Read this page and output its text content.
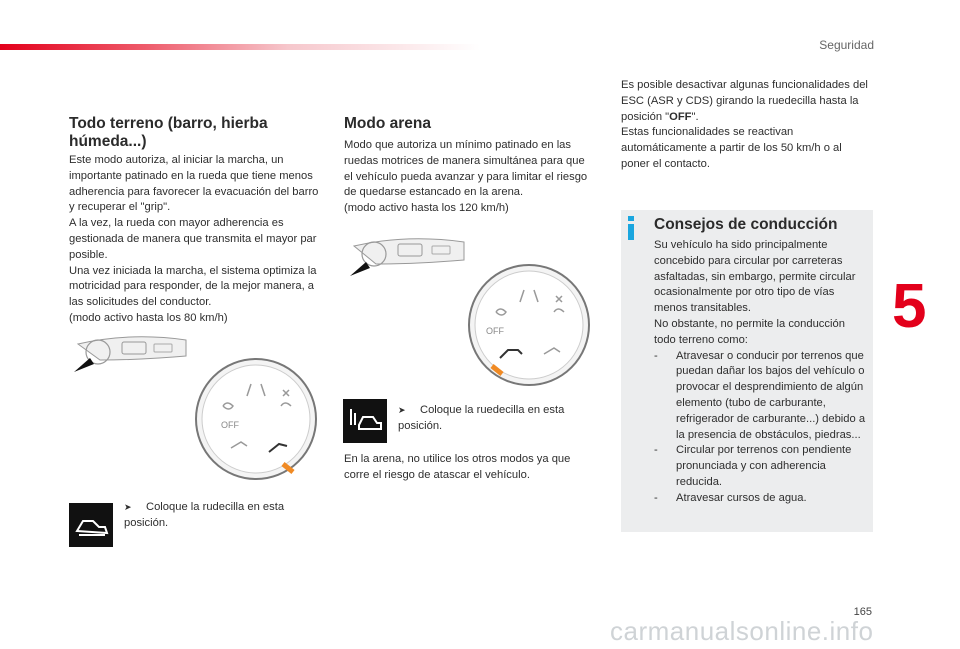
Seguridad
5
165
carmanualsonline.info
Todo terreno (barro, hierba húmeda...)

Este modo autoriza, al iniciar la marcha, un importante patinado en la rueda que tiene menos adherencia para favorecer la evacuación del barro y recuperar el "grip".

A la vez, la rueda con mayor adherencia es gestionada de manera que transmita el mayor par posible.

Una vez iniciada la marcha, el sistema optimiza la motricidad para responder, de la mejor manera, a las solicitudes del conductor.

(modo activo hasta los 80 km/h)

OFF
➤ Coloque la rudecilla en esta posición.
Modo arena

Modo que autoriza un mínimo patinado en las ruedas motrices de manera simultánea para que el vehículo pueda avanzar y para limitar el riesgo de quedarse estancado en la arena.

(modo activo hasta los 120 km/h)

OFF
➤ Coloque la ruedecilla en esta posición.
En la arena, no utilice los otros modos ya que corre el riesgo de atascar el vehículo.

Es posible desactivar algunas funcionalidades del ESC (ASR y CDS) girando la ruedecilla hasta la posición "OFF".

Estas funcionalidades se reactivan automáticamente a partir de los 50 km/h o al poner el contacto.

Consejos de conducción

Su vehículo ha sido principalmente concebido para circular por carreteras asfaltadas, sin embargo, permite circular ocasionalmente por otro tipo de vías menos transitables.

No obstante, no permite la conducción todo terreno como:

-	Atravesar o conducir por terrenos que puedan dañar los bajos del vehículo o provocar el desprendimiento de algún elemento (tubo de carburante, refrigerador de carburante...) debido a la presencia de obstáculos, piedras...
-	Circular por terrenos con pendiente pronunciada y con adherencia reducida.
-	Atravesar cursos de agua.
